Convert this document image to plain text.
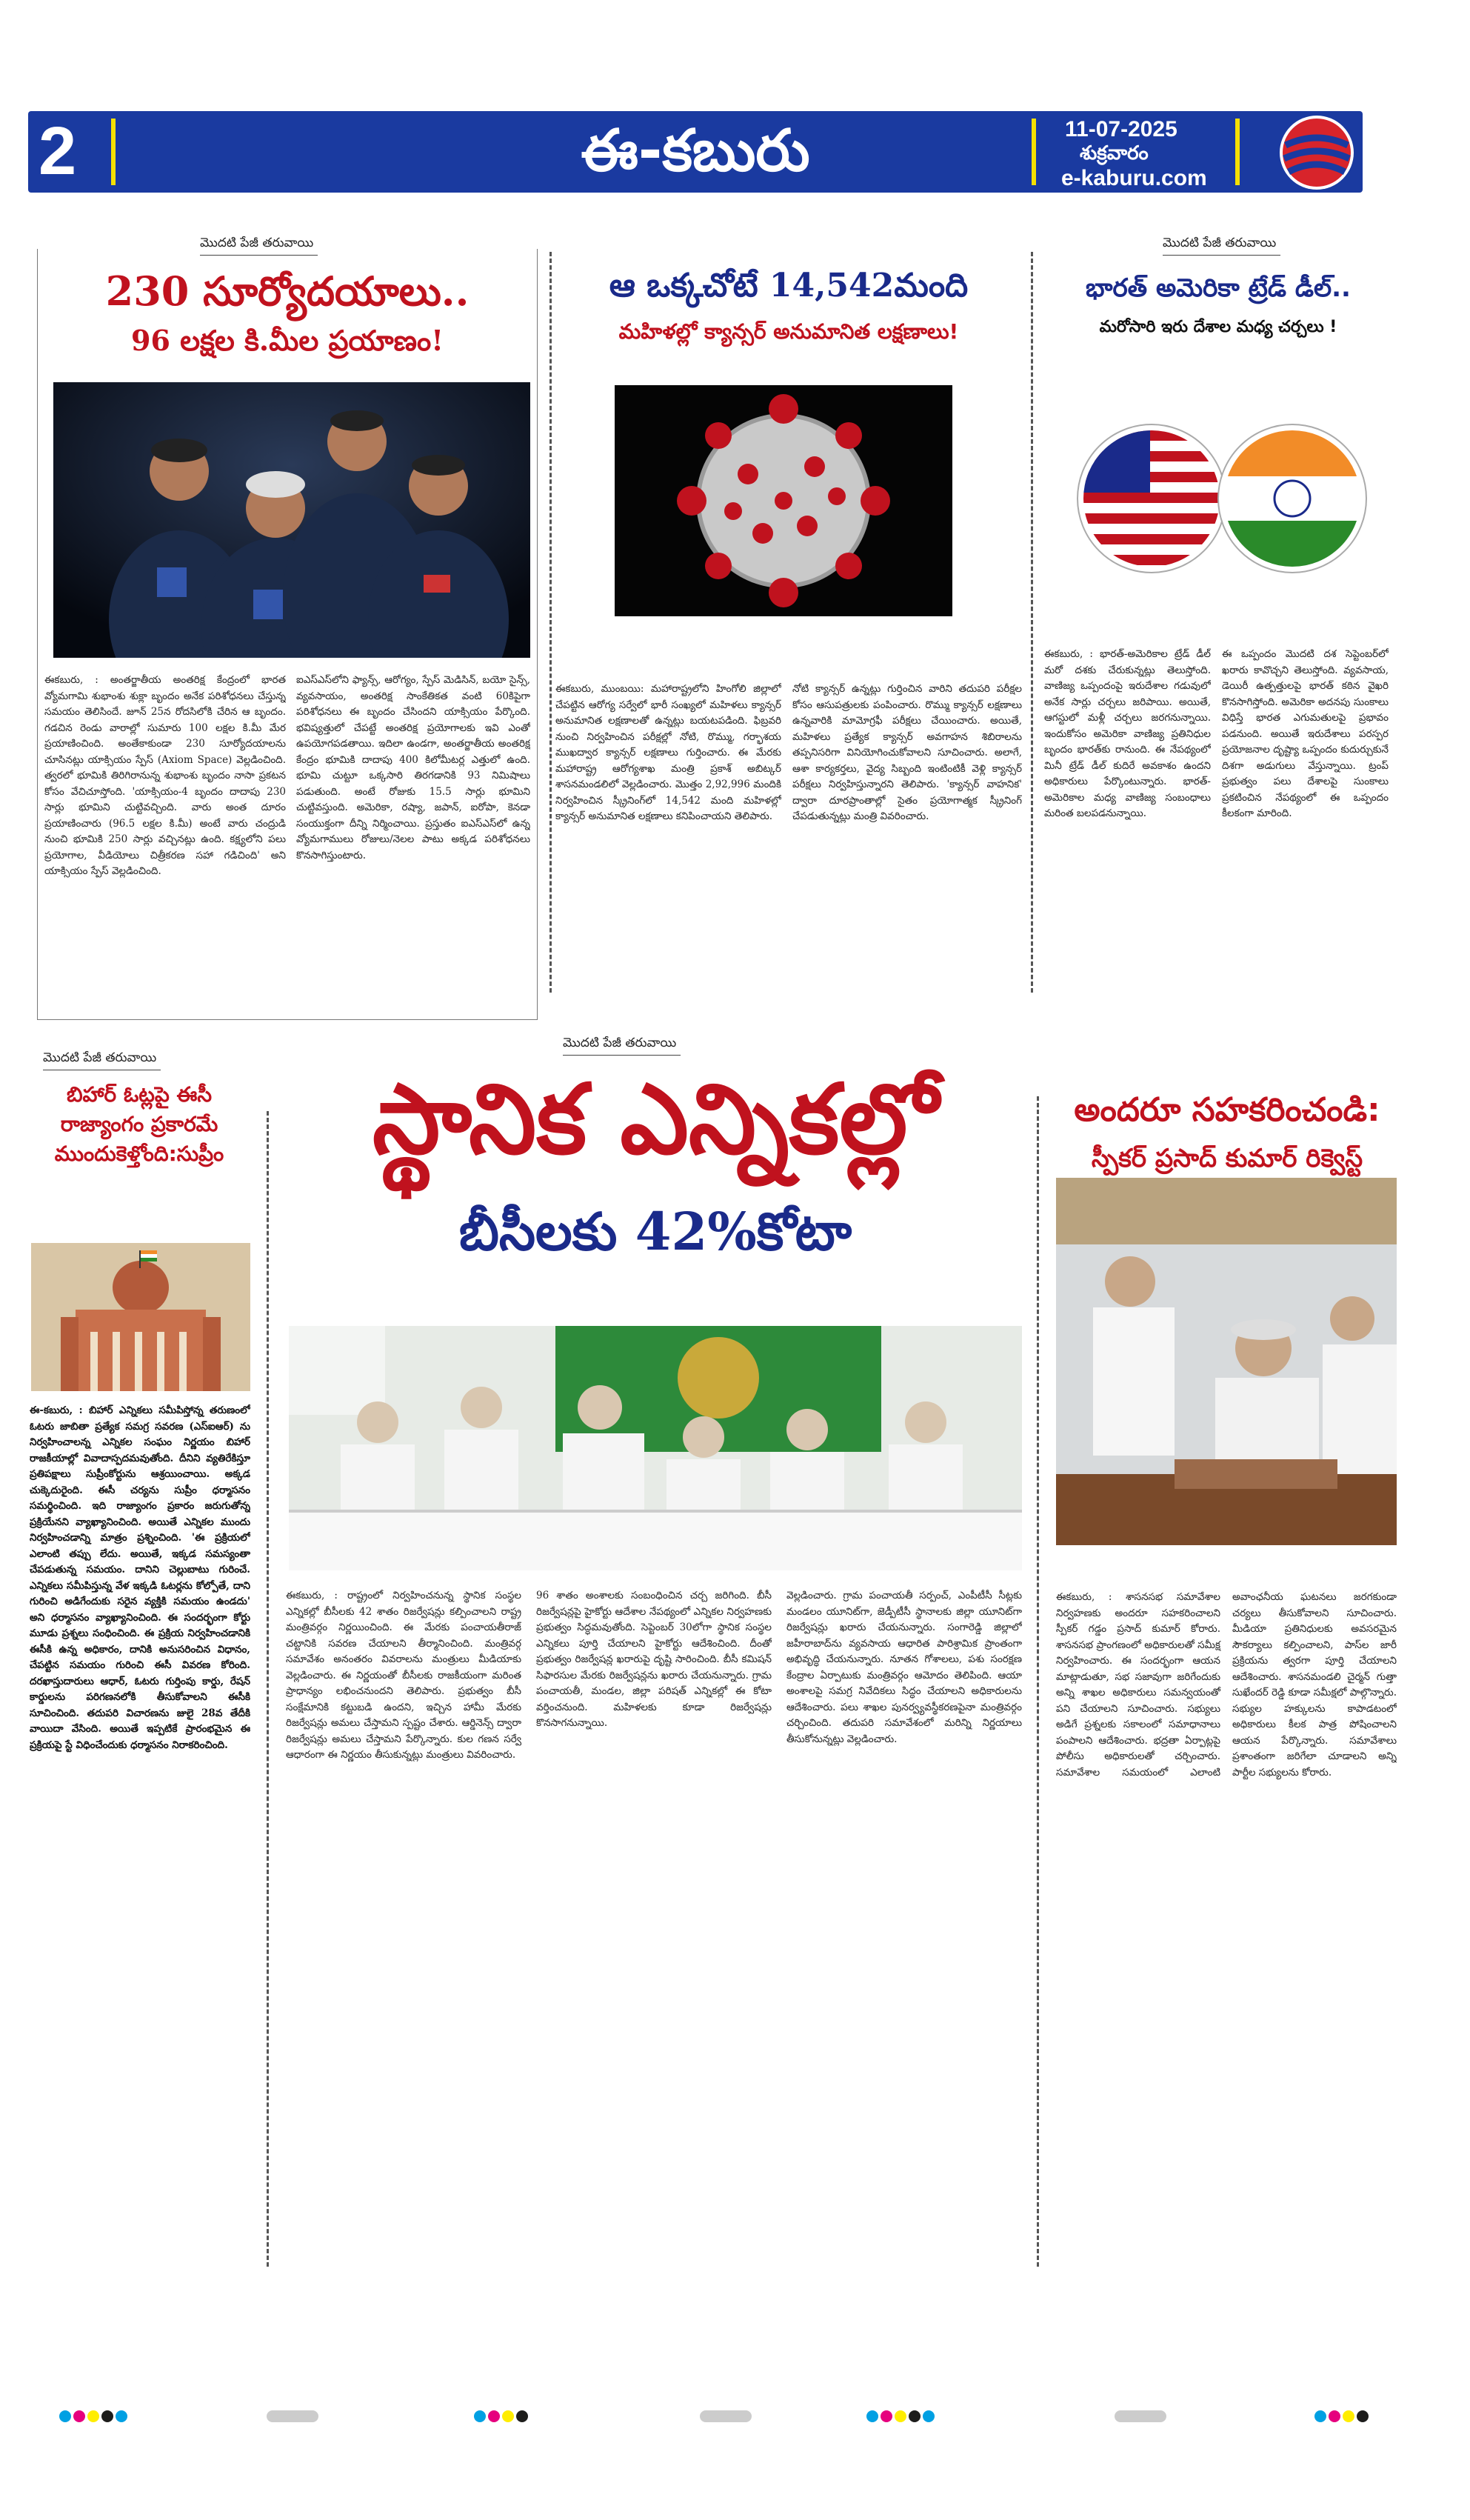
2	ఈ-కబురు	11-07-2025
శుక్రవారం
e-kaburu.com
మొదటి పేజీ తరువాయి
230 సూర్యోదయాలు..
96 లక్షల కి.మీల ప్రయాణం!
ఈకబురు, : అంతర్జాతీయ అంతరిక్ష కేంద్రంలో భారత వ్యోమగామి శుభాంశు శుక్లా బృందం అనేక పరిశోధనలు చేస్తున్న సమయం తెలిసిందే. జూన్ 25న రోదసిలోకి చేరిన ఆ బృందం. గడచిన రెండు వారాల్లో సుమారు 100 లక్షల కి.మీ మేర ప్రయాణించింది. అంతేకాకుండా 230 సూర్యోదయాలను చూసినట్లు యాక్సియం స్పేస్ (Axiom Space) వెల్లడించింది. త్వరలో భూమికి తిరిగిరానున్న శుభాంశు బృందం నాసా ప్రకటన కోసం వేచిచూస్తోంది. 'యాక్సియం-4 బృందం దాదాపు 230 సార్లు భూమిని చుట్టివచ్చింది. వారు అంత దూరం ప్రయాణించారు (96.5 లక్షల కి.మీ) అంటే వారు చంద్రుడి నుంచి భూమికి 250 సార్లు వచ్చినట్లు ఉంది. కక్ష్యలోని పలు ప్రయోగాల, వీడియోలు చిత్రీకరణ సహా గడిచింది' అని యాక్సియం స్పేస్ వెల్లడించింది.
ఐఎస్ఎస్‌లోని ఫ్యాన్స్, ఆరోగ్యం, స్పేస్ మెడిసిన్, బయో సైన్స్, వ్యవసాయం, అంతరిక్ష సాంకేతికత వంటి 60కిపైగా పరిశోధనలు ఈ బృందం చేసిందని యాక్సియం పేర్కొంది. భవిష్యత్తులో చేపట్టే అంతరిక్ష ప్రయోగాలకు ఇవి ఎంతో ఉపయోగపడతాయి. ఇదిలా ఉండగా, అంతర్జాతీయ అంతరిక్ష కేంద్రం భూమికి దాదాపు 400 కిలోమీటర్ల ఎత్తులో ఉంది. భూమి చుట్టూ ఒక్కసారి తిరగడానికి 93 నిమిషాలు పడుతుంది. అంటే రోజుకు 15.5 సార్లు భూమిని చుట్టివస్తుంది. అమెరికా, రష్యా, జపాన్, ఐరోపా, కెనడా సంయుక్తంగా దీన్ని నిర్మించాయి. ప్రస్తుతం ఐఎస్ఎస్‌లో ఉన్న వ్యోమగాములు రోజులు/నెలల పాటు అక్కడ పరిశోధనలు కొనసాగిస్తుంటారు.
ఆ ఒక్కచోటే 14,542మంది
మహిళల్లో క్యాన్సర్ అనుమానిత లక్షణాలు!
ఈకబురు, ముంబయి: మహారాష్ట్రలోని హింగోలి జిల్లాలో చేపట్టిన ఆరోగ్య సర్వేలో భారీ సంఖ్యలో మహిళలు క్యాన్సర్ అనుమానిత లక్షణాలతో ఉన్నట్లు బయటపడింది. ఫిబ్రవరి నుంచి నిర్వహించిన పరీక్షల్లో నోటి, రొమ్ము, గర్భాశయ ముఖద్వార క్యాన్సర్ లక్షణాలు గుర్తించారు. ఈ మేరకు మహారాష్ట్ర ఆరోగ్యశాఖ మంత్రి ప్రకాశ్ అబిట్కర్ శాసనమండలిలో వెల్లడించారు. మొత్తం 2,92,996 మందికి నిర్వహించిన స్క్రీనింగ్‌లో 14,542 మంది మహిళల్లో క్యాన్సర్ అనుమానిత లక్షణాలు కనిపించాయని తెలిపారు.
నోటి క్యాన్సర్ ఉన్నట్లు గుర్తించిన వారిని తదుపరి పరీక్షల కోసం ఆసుపత్రులకు పంపించారు. రొమ్ము క్యాన్సర్ లక్షణాలు ఉన్నవారికి మామోగ్రఫీ పరీక్షలు చేయించారు. అయితే, మహిళలు ప్రత్యేక క్యాన్సర్ అవగాహన శిబిరాలను తప్పనిసరిగా వినియోగించుకోవాలని సూచించారు. అలాగే, ఆశా కార్యకర్తలు, వైద్య సిబ్బంది ఇంటింటికీ వెళ్లి క్యాన్సర్ పరీక్షలు నిర్వహిస్తున్నారని తెలిపారు. 'క్యాన్సర్ వాహనిక' ద్వారా దూరప్రాంతాల్లో సైతం ప్రయోగాత్మక స్క్రీనింగ్ చేపడుతున్నట్లు మంత్రి వివరించారు.
మొదటి పేజీ తరువాయి
భారత్ అమెరికా ట్రేడ్ డీల్..
మరోసారి ఇరు దేశాల మధ్య చర్చలు !
ఈకబురు, : భారత్-అమెరికాల ట్రేడ్ డీల్ మరో దశకు చేరుకున్నట్లు తెలుస్తోంది. వాణిజ్య ఒప్పందంపై ఇరుదేశాల గడువులో అనేక సార్లు చర్చలు జరిపాయి. అయితే, ఆగస్టులో మళ్లీ చర్చలు జరగనున్నాయి. ఇందుకోసం అమెరికా వాణిజ్య ప్రతినిధుల బృందం భారత్‌కు రానుంది. ఈ నేపథ్యంలో మినీ ట్రేడ్ డీల్ కుదిరే అవకాశం ఉందని అధికారులు పేర్కొంటున్నారు. భారత్-అమెరికాల మధ్య వాణిజ్య సంబంధాలు మరింత బలపడనున్నాయి.
ఈ ఒప్పందం మొదటి దశ సెప్టెంబర్‌లో ఖరారు కావొచ్చని తెలుస్తోంది. వ్యవసాయ, డెయిరీ ఉత్పత్తులపై భారత్ కఠిన వైఖరి కొనసాగిస్తోంది. అమెరికా అదనపు సుంకాలు విధిస్తే భారత ఎగుమతులపై ప్రభావం పడనుంది. అయితే ఇరుదేశాలు పరస్పర ప్రయోజనాల దృష్ట్యా ఒప్పందం కుదుర్చుకునే దిశగా అడుగులు వేస్తున్నాయి. ట్రంప్ ప్రభుత్వం పలు దేశాలపై సుంకాలు ప్రకటించిన నేపథ్యంలో ఈ ఒప్పందం కీలకంగా మారింది.
మొదటి పేజీ తరువాయి
బిహార్ ఓట్లపై ఈసీ రాజ్యాంగం ప్రకారమే ముందుకెళ్తోంది:సుప్రీం
ఈ-కబురు, : బిహార్ ఎన్నికలు సమీపిస్తోన్న తరుణంలో ఓటరు జాబితా ప్రత్యేక సమగ్ర సవరణ (ఎస్ఐఆర్) ను నిర్వహించాలన్న ఎన్నికల సంఘం నిర్ణయం బిహార్ రాజకీయాల్లో వివాదాస్పదమవుతోంది. దీనిని వ్యతిరేకిస్తూ ప్రతిపక్షాలు సుప్రీంకోర్టును ఆశ్రయించాయి. అక్కడ చుక్కెదురైంది. ఈసీ చర్యను సుప్రీం ధర్మాసనం సమర్థించింది. ఇది రాజ్యాంగం ప్రకారం జరుగుతోన్న ప్రక్రియేనని వ్యాఖ్యానించింది. అయితే ఎన్నికల ముందు నిర్వహించడాన్ని మాత్రం ప్రశ్నించింది. 'ఈ ప్రక్రియలో ఎలాంటి తప్పు లేదు. అయితే, ఇక్కడ సమస్యంతా చేపడుతున్న సమయం. దానిని చెల్లుబాటు గురించే. ఎన్నికలు సమీపిస్తున్న వేళ ఇక్కడి ఓటర్లను కోల్పోతే, దాని గురించి అడిగేందుకు సరైన వ్యక్తికి సమయం ఉండదు' అని ధర్మాసనం వ్యాఖ్యానించింది. ఈ సందర్భంగా కోర్టు మూడు ప్రశ్నలు సంధించింది. ఈ ప్రక్రియ నిర్వహించడానికి ఈసీకి ఉన్న అధికారం, దానికి అనుసరించిన విధానం, చేపట్టిన సమయం గురించి ఈసీ వివరణ కోరింది. దరఖాస్తుదారులు ఆధార్, ఓటరు గుర్తింపు కార్డు, రేషన్ కార్డులను పరిగణనలోకి తీసుకోవాలని ఈసీకి సూచించింది. తదుపరి విచారణను జులై 28వ తేదీకి వాయిదా వేసింది. అయితే ఇప్పటికే ప్రారంభమైన ఈ ప్రక్రియపై స్టే విధించేందుకు ధర్మాసనం నిరాకరించింది.
మొదటి పేజీ తరువాయి
స్థానిక ఎన్నికల్లో
బీసీలకు 42%కోటా
ఈకబురు, : రాష్ట్రంలో నిర్వహించనున్న స్థానిక సంస్థల ఎన్నికల్లో బీసీలకు 42 శాతం రిజర్వేషన్లు కల్పించాలని రాష్ట్ర మంత్రివర్గం నిర్ణయించింది. ఈ మేరకు పంచాయతీరాజ్ చట్టానికి సవరణ చేయాలని తీర్మానించింది. మంత్రివర్గ సమావేశం అనంతరం వివరాలను మంత్రులు మీడియాకు వెల్లడించారు. ఈ నిర్ణయంతో బీసీలకు రాజకీయంగా మరింత ప్రాధాన్యం లభించనుందని తెలిపారు. ప్రభుత్వం బీసీ సంక్షేమానికి కట్టుబడి ఉందని, ఇచ్చిన హామీ మేరకు రిజర్వేషన్లు అమలు చేస్తామని స్పష్టం చేశారు. ఆర్డినెన్స్ ద్వారా రిజర్వేషన్లు అమలు చేస్తామని పేర్కొన్నారు. కుల గణన సర్వే ఆధారంగా ఈ నిర్ణయం తీసుకున్నట్లు మంత్రులు వివరించారు.
96 శాతం అంశాలకు సంబంధించిన చర్చ జరిగింది. బీసీ రిజర్వేషన్లపై హైకోర్టు ఆదేశాల నేపథ్యంలో ఎన్నికల నిర్వహణకు ప్రభుత్వం సిద్ధమవుతోంది. సెప్టెంబర్ 30లోగా స్థానిక సంస్థల ఎన్నికలు పూర్తి చేయాలని హైకోర్టు ఆదేశించింది. దీంతో ప్రభుత్వం రిజర్వేషన్ల ఖరారుపై దృష్టి సారించింది. బీసీ కమిషన్ సిఫారసుల మేరకు రిజర్వేషన్లను ఖరారు చేయనున్నారు. గ్రామ పంచాయతీ, మండల, జిల్లా పరిషత్ ఎన్నికల్లో ఈ కోటా వర్తించనుంది. మహిళలకు కూడా రిజర్వేషన్లు కొనసాగనున్నాయి.
వెల్లడించారు. గ్రామ పంచాయతీ సర్పంచ్, ఎంపీటీసీ సీట్లకు మండలం యూనిట్‌గా, జెడ్పీటీసీ స్థానాలకు జిల్లా యూనిట్‌గా రిజర్వేషన్లు ఖరారు చేయనున్నారు. సంగారెడ్డి జిల్లాలో జహీరాబాద్‌ను వ్యవసాయ ఆధారిత పారిశ్రామిక ప్రాంతంగా అభివృద్ధి చేయనున్నారు. నూతన గోశాలలు, పశు సంరక్షణ కేంద్రాల ఏర్పాటుకు మంత్రివర్గం ఆమోదం తెలిపింది. ఆయా అంశాలపై సమగ్ర నివేదికలు సిద్ధం చేయాలని అధికారులను ఆదేశించారు. పలు శాఖల పునర్వ్యవస్థీకరణపైనా మంత్రివర్గం చర్చించింది. తదుపరి సమావేశంలో మరిన్ని నిర్ణయాలు తీసుకోనున్నట్లు వెల్లడించారు.
అందరూ సహకరించండి:
స్పీకర్ ప్రసాద్ కుమార్ రిక్వెస్ట్
ఈకబురు, : శాసనసభ సమావేశాల నిర్వహణకు అందరూ సహకరించాలని స్పీకర్ గడ్డం ప్రసాద్ కుమార్ కోరారు. శాసనసభ ప్రాంగణంలో అధికారులతో సమీక్ష నిర్వహించారు. ఈ సందర్భంగా ఆయన మాట్లాడుతూ, సభ సజావుగా జరిగేందుకు అన్ని శాఖల అధికారులు సమన్వయంతో పని చేయాలని సూచించారు. సభ్యులు అడిగే ప్రశ్నలకు సకాలంలో సమాధానాలు పంపాలని ఆదేశించారు. భద్రతా ఏర్పాట్లపై పోలీసు అధికారులతో చర్చించారు. సమావేశాల సమయంలో ఎలాంటి అవాంఛనీయ ఘటనలు జరగకుండా చర్యలు తీసుకోవాలని సూచించారు. మీడియా ప్రతినిధులకు అవసరమైన సౌకర్యాలు కల్పించాలని, పాస్‌ల జారీ ప్రక్రియను త్వరగా పూర్తి చేయాలని ఆదేశించారు. శాసనమండలి చైర్మన్ గుత్తా సుఖేందర్ రెడ్డి కూడా సమీక్షలో పాల్గొన్నారు. సభ్యుల హక్కులను కాపాడటంలో అధికారులు కీలక పాత్ర పోషించాలని ఆయన పేర్కొన్నారు. సమావేశాలు ప్రశాంతంగా జరిగేలా చూడాలని అన్ని పార్టీల సభ్యులను కోరారు.
